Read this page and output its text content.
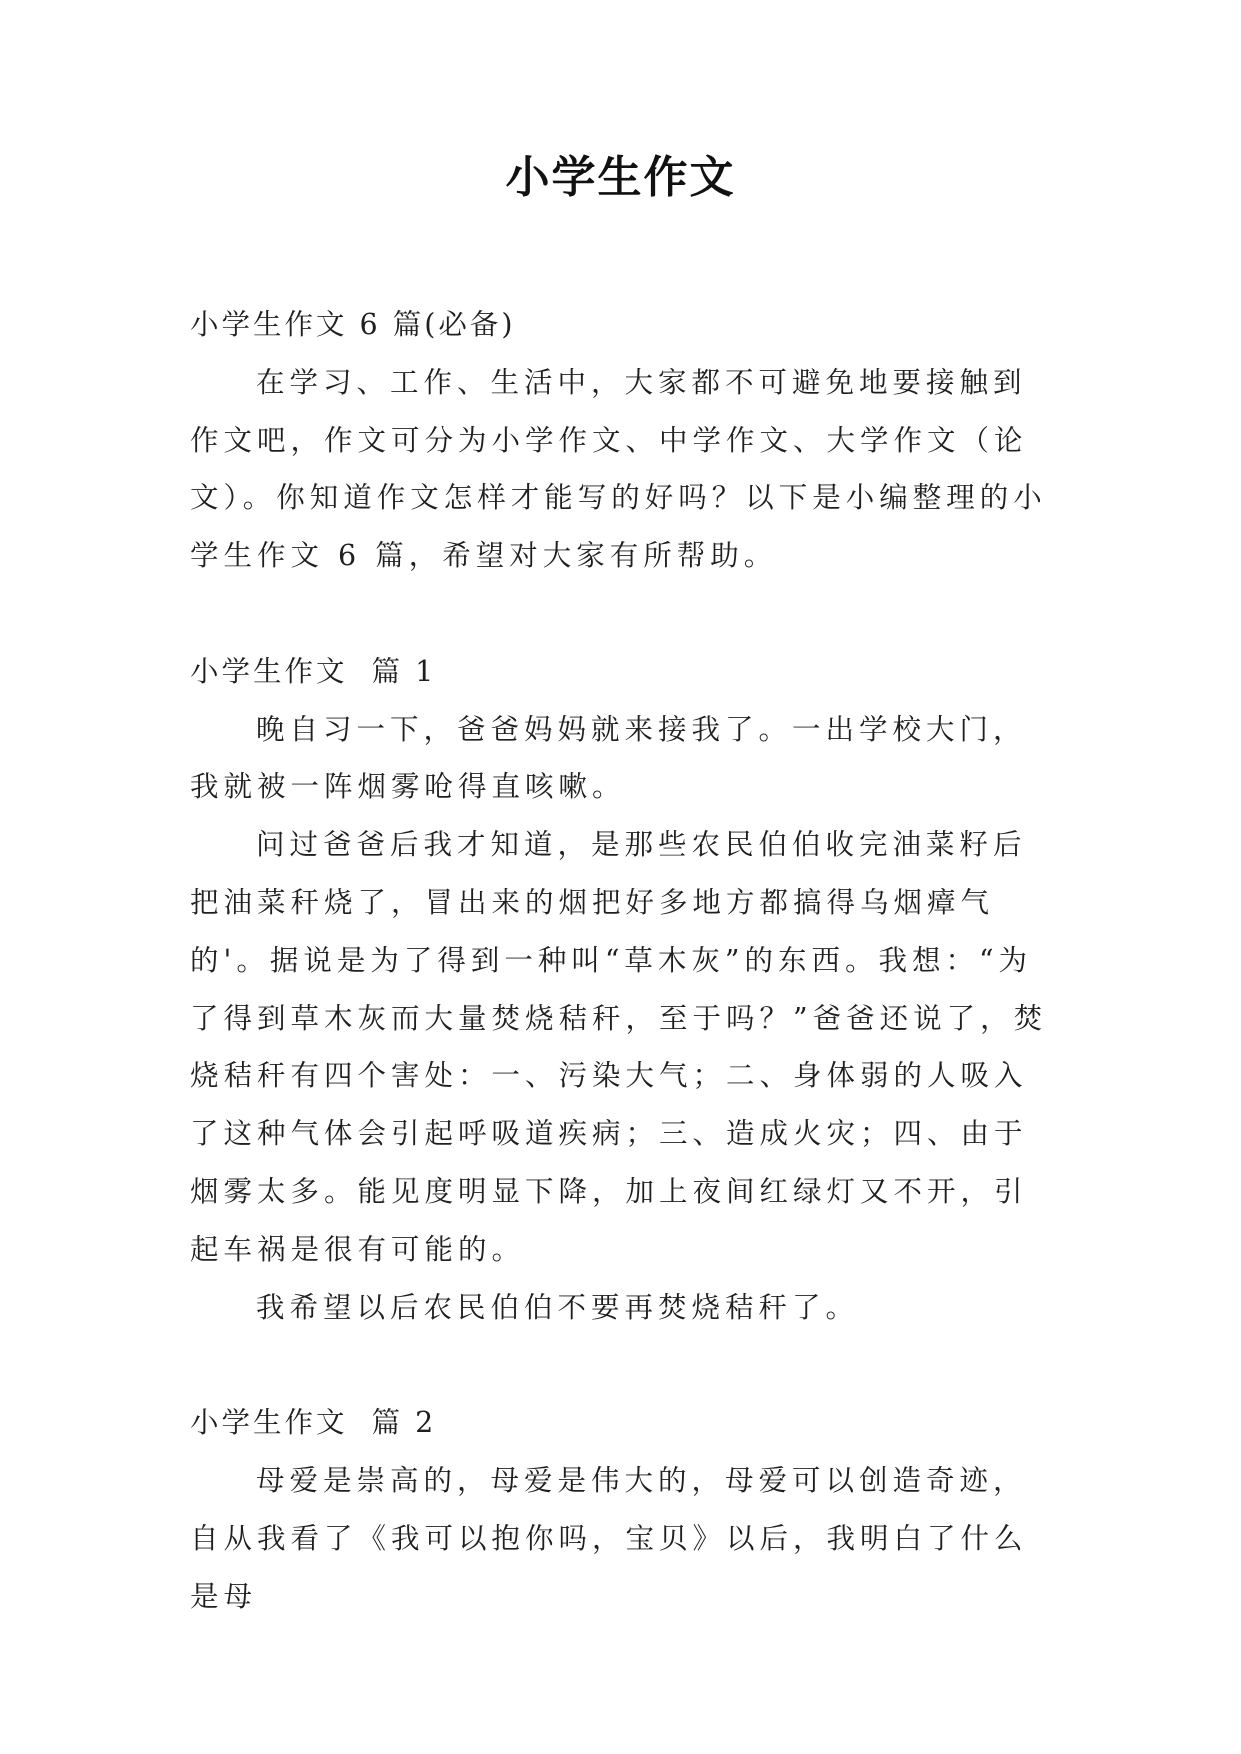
小学生作文

小学生作文 6 篇(必备)

在学习、工作、生活中，大家都不可避免地要接触到作文吧，作文可分为小学作文、中学作文、大学作文（论文）。你知道作文怎样才能写的好吗？以下是小编整理的小学生作文 6 篇，希望对大家有所帮助。

小学生作文  篇 1

晚自习一下，爸爸妈妈就来接我了。一出学校大门，我就被一阵烟雾呛得直咳嗽。

问过爸爸后我才知道，是那些农民伯伯收完油菜籽后把油菜秆烧了，冒出来的烟把好多地方都搞得乌烟瘴气的'。据说是为了得到一种叫“草木灰”的东西。我想：“为了得到草木灰而大量焚烧秸秆，至于吗？”爸爸还说了，焚烧秸秆有四个害处：一、污染大气；二、身体弱的人吸入了这种气体会引起呼吸道疾病；三、造成火灾；四、由于烟雾太多。能见度明显下降，加上夜间红绿灯又不开，引起车祸是很有可能的。

我希望以后农民伯伯不要再焚烧秸秆了。

小学生作文  篇 2

母爱是崇高的，母爱是伟大的，母爱可以创造奇迹，自从我看了《我可以抱你吗，宝贝》以后，我明白了什么是母
